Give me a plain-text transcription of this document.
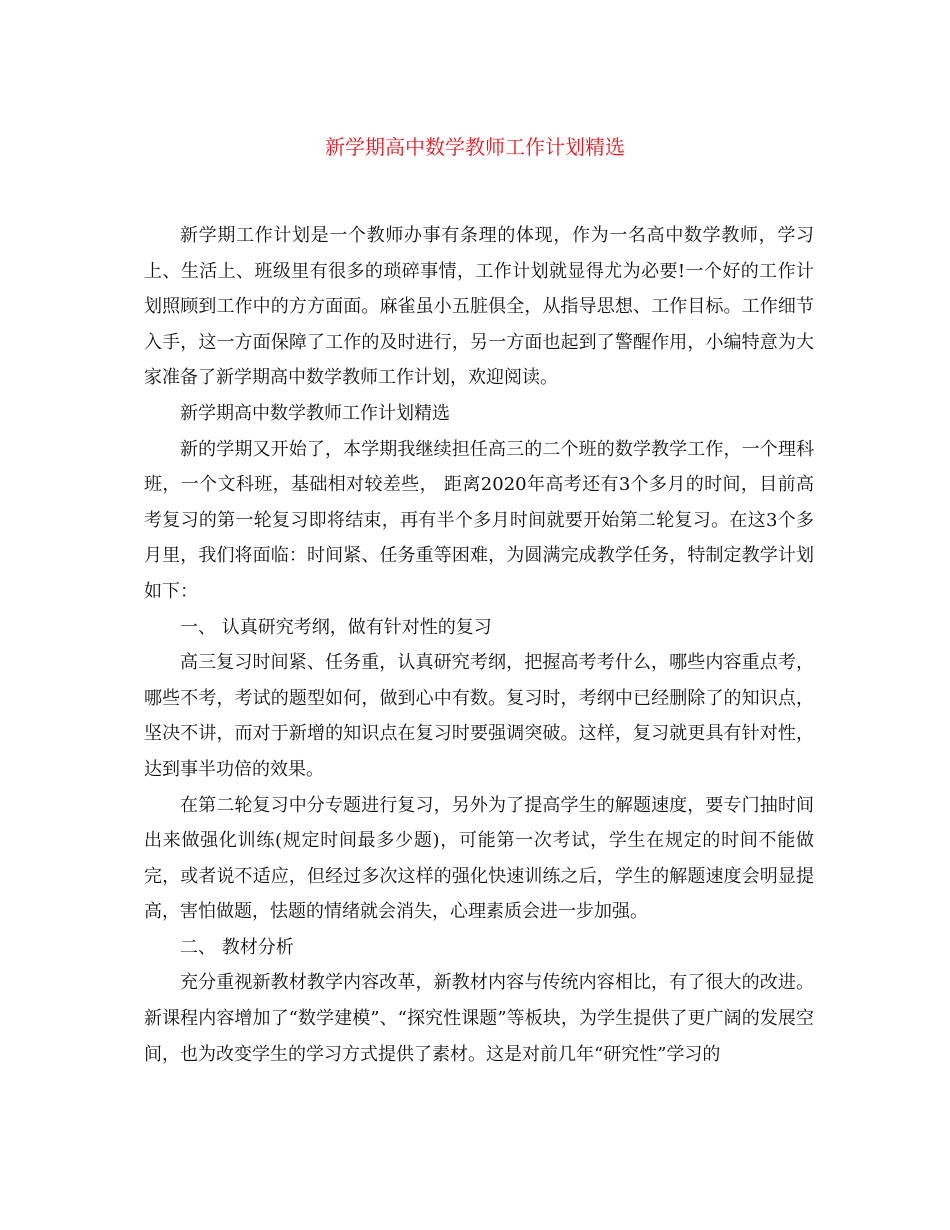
新学期高中数学教师工作计划精选

新学期工作计划是一个教师办事有条理的体现，作为一名高中数学教师，学习上、生活上、班级里有很多的琐碎事情，工作计划就显得尤为必要!一个好的工作计划照顾到工作中的方方面面。麻雀虽小五脏俱全，从指导思想、工作目标。工作细节入手，这一方面保障了工作的及时进行，另一方面也起到了警醒作用，小编特意为大家准备了新学期高中数学教师工作计划，欢迎阅读。

新学期高中数学教师工作计划精选

新的学期又开始了，本学期我继续担任高三的二个班的数学教学工作，一个理科班，一个文科班，基础相对较差些， 距离2020年高考还有3个多月的时间，目前高考复习的第一轮复习即将结束，再有半个多月时间就要开始第二轮复习。在这3个多月里，我们将面临：时间紧、任务重等困难，为圆满完成教学任务，特制定教学计划如下：

一、 认真研究考纲，做有针对性的复习

高三复习时间紧、任务重，认真研究考纲，把握高考考什么，哪些内容重点考，哪些不考，考试的题型如何，做到心中有数。复习时，考纲中已经删除了的知识点，坚决不讲，而对于新增的知识点在复习时要强调突破。这样，复习就更具有针对性，达到事半功倍的效果。

在第二轮复习中分专题进行复习，另外为了提高学生的解题速度，要专门抽时间出来做强化训练(规定时间最多少题)，可能第一次考试，学生在规定的时间不能做完，或者说不适应，但经过多次这样的强化快速训练之后，学生的解题速度会明显提高，害怕做题，怯题的情绪就会消失，心理素质会进一步加强。

二、 教材分析

充分重视新教材教学内容改革，新教材内容与传统内容相比，有了很大的改进。新课程内容增加了“数学建模”、“探究性课题”等板块，为学生提供了更广阔的发展空间，也为改变学生的学习方式提供了素材。这是对前几年“研究性”学习的
